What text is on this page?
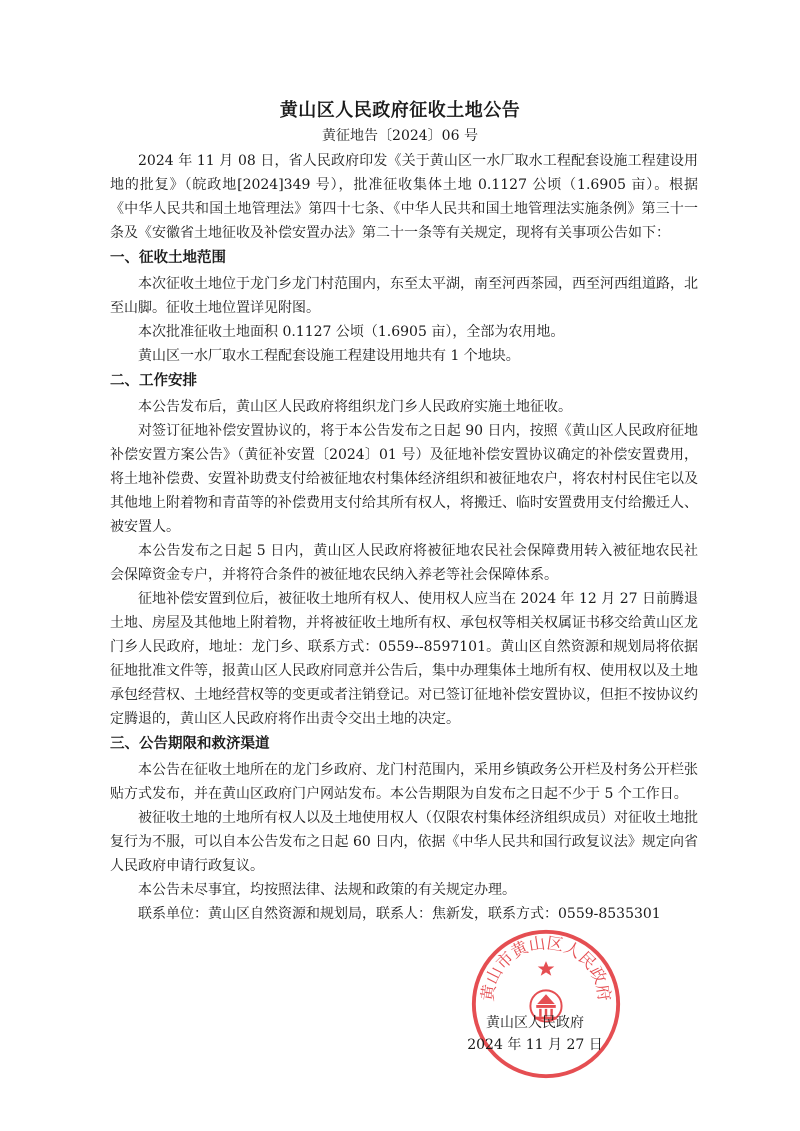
黄山区人民政府征收土地公告
黄征地告〔2024〕06 号

2024 年 11 月 08 日，省人民政府印发《关于黄山区一水厂取水工程配套设施工程建设用地的批复》（皖政地[2024]349 号），批准征收集体土地 0.1127 公顷（1.6905 亩）。根据《中华人民共和国土地管理法》第四十七条、《中华人民共和国土地管理法实施条例》第三十一条及《安徽省土地征收及补偿安置办法》第二十一条等有关规定，现将有关事项公告如下：

一、征收土地范围

本次征收土地位于龙门乡龙门村范围内，东至太平湖，南至河西茶园，西至河西组道路，北至山脚。征收土地位置详见附图。

本次批准征收土地面积 0.1127 公顷（1.6905 亩），全部为农用地。

黄山区一水厂取水工程配套设施工程建设用地共有 1 个地块。

二、工作安排

本公告发布后，黄山区人民政府将组织龙门乡人民政府实施土地征收。

对签订征地补偿安置协议的，将于本公告发布之日起 90 日内，按照《黄山区人民政府征地补偿安置方案公告》（黄征补安置〔2024〕01 号）及征地补偿安置协议确定的补偿安置费用，将土地补偿费、安置补助费支付给被征地农村集体经济组织和被征地农户，将农村村民住宅以及其他地上附着物和青苗等的补偿费用支付给其所有权人，将搬迁、临时安置费用支付给搬迁人、被安置人。

本公告发布之日起 5 日内，黄山区人民政府将被征地农民社会保障费用转入被征地农民社会保障资金专户，并将符合条件的被征地农民纳入养老等社会保障体系。

征地补偿安置到位后，被征收土地所有权人、使用权人应当在 2024 年 12 月 27 日前腾退土地、房屋及其他地上附着物，并将被征收土地所有权、承包权等相关权属证书移交给黄山区龙门乡人民政府，地址：龙门乡、联系方式：0559--8597101。黄山区自然资源和规划局将依据征地批准文件等，报黄山区人民政府同意并公告后，集中办理集体土地所有权、使用权以及土地承包经营权、土地经营权等的变更或者注销登记。对已签订征地补偿安置协议，但拒不按协议约定腾退的，黄山区人民政府将作出责令交出土地的决定。

三、公告期限和救济渠道

本公告在征收土地所在的龙门乡政府、龙门村范围内，采用乡镇政务公开栏及村务公开栏张贴方式发布，并在黄山区政府门户网站发布。本公告期限为自发布之日起不少于 5 个工作日。

被征收土地的土地所有权人以及土地使用权人（仅限农村集体经济组织成员）对征收土地批复行为不服，可以自本公告发布之日起 60 日内，依据《中华人民共和国行政复议法》规定向省人民政府申请行政复议。

本公告未尽事宜，均按照法律、法规和政策的有关规定办理。

联系单位：黄山区自然资源和规划局，联系人：焦新发，联系方式：0559-8535301

黄山市黄山区人民政府
黄山区人民政府
2024 年 11 月 27 日
